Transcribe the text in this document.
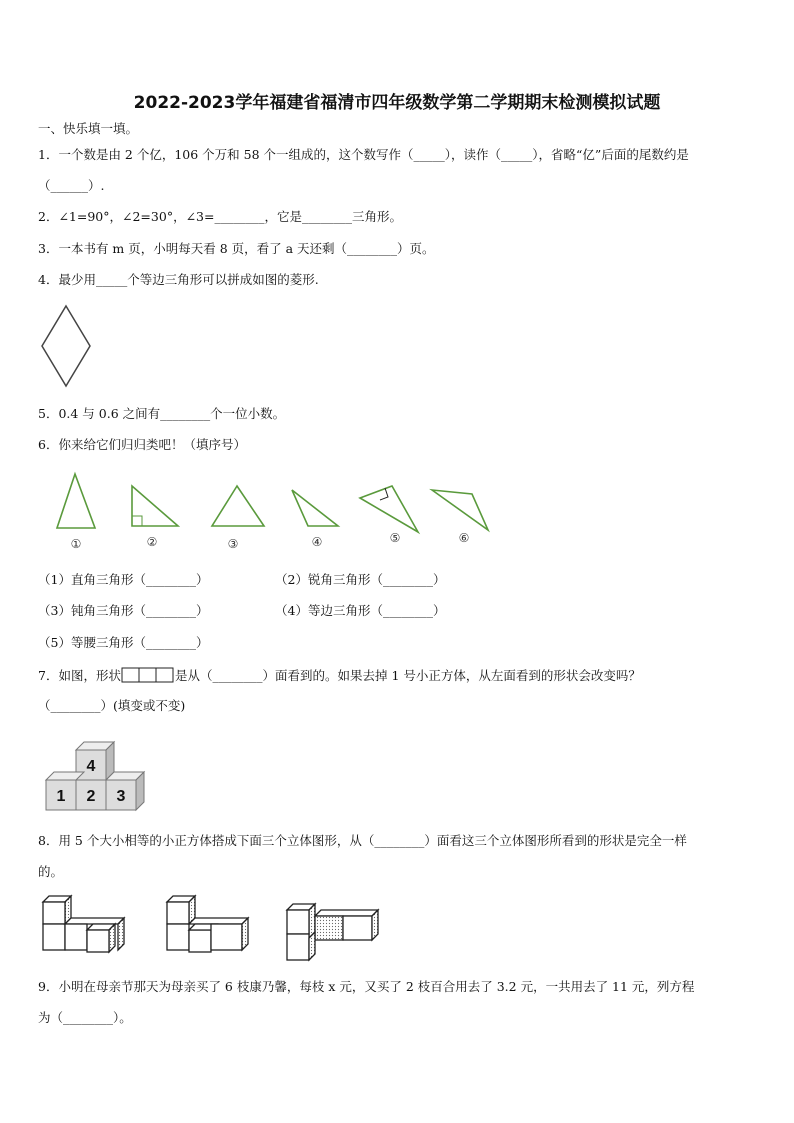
2022-2023学年福建省福清市四年级数学第二学期期末检测模拟试题
一、快乐填一填。
1．一个数是由 2 个亿，106 个万和 58 个一组成的，这个数写作（_____），读作（_____），省略“亿”后面的尾数约是
（______）.
2．∠1=90°，∠2=30°，∠3=________，它是________三角形。
3．一本书有 m 页，小明每天看 8 页，看了 a 天还剩（________）页。
4．最少用_____个等边三角形可以拼成如图的菱形.
5．0.4 与 0.6 之间有________个一位小数。
6．你来给它们归归类吧！（填序号）
①	②	③	④	⑤	⑥
（1）直角三角形（________）	（2）锐角三角形（________）
（3）钝角三角形（________）	（4）等边三角形（________）
（5）等腰三角形（________）
7．如图，形状	是从（________）面看到的。如果去掉 1 号小正方体，从左面看到的形状会改变吗？
（________）(填变或不变)
4
1 2 3
8．用 5 个大小相等的小正方体搭成下面三个立体图形，从（________）面看这三个立体图形所看到的形状是完全一样
的。
9．小明在母亲节那天为母亲买了 6 枝康乃馨，每枝 x 元，又买了 2 枝百合用去了 3.2 元，一共用去了 11 元，列方程
为（________）。
